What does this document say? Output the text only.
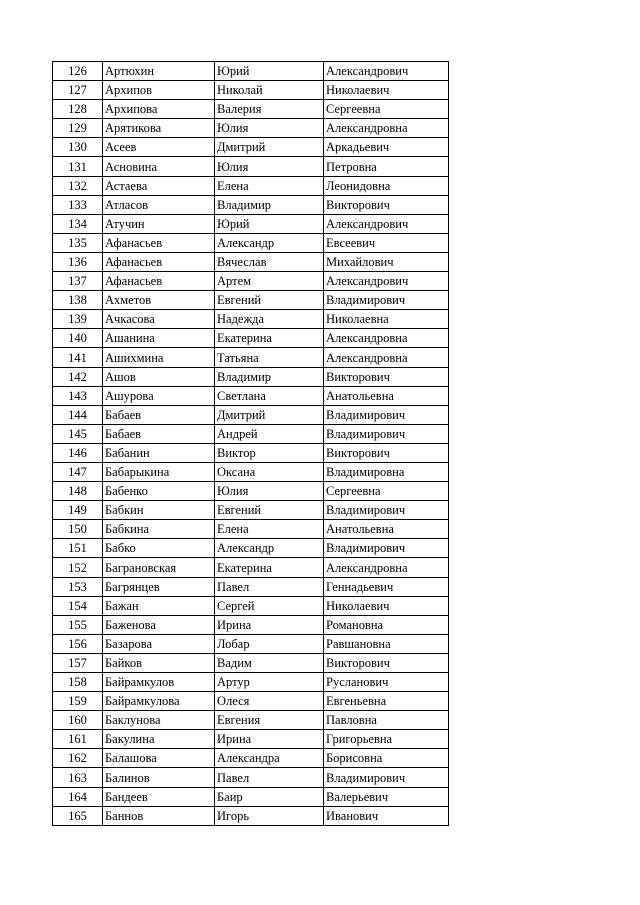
126	Артюхин	Юрий	Александрович
127	Архипов	Николай	Николаевич
128	Архипова	Валерия	Сергеевна
129	Арятикова	Юлия	Александровна
130	Асеев	Дмитрий	Аркадьевич
131	Асновина	Юлия	Петровна
132	Астаева	Елена	Леонидовна
133	Атласов	Владимир	Викторович
134	Атучин	Юрий	Александрович
135	Афанасьев	Александр	Евсеевич
136	Афанасьев	Вячеслав	Михайлович
137	Афанасьев	Артем	Александрович
138	Ахметов	Евгений	Владимирович
139	Ачкасова	Надежда	Николаевна
140	Ашанина	Екатерина	Александровна
141	Ашихмина	Татьяна	Александровна
142	Ашов	Владимир	Викторович
143	Ашурова	Светлана	Анатольевна
144	Бабаев	Дмитрий	Владимирович
145	Бабаев	Андрей	Владимирович
146	Бабанин	Виктор	Викторович
147	Бабарыкина	Оксана	Владимировна
148	Бабенко	Юлия	Сергеевна
149	Бабкин	Евгений	Владимирович
150	Бабкина	Елена	Анатольевна
151	Бабко	Александр	Владимирович
152	Баграновская	Екатерина	Александровна
153	Багрянцев	Павел	Геннадьевич
154	Бажан	Сергей	Николаевич
155	Баженова	Ирина	Романовна
156	Базарова	Лобар	Равшановна
157	Байков	Вадим	Викторович
158	Байрамкулов	Артур	Русланович
159	Байрамкулова	Олеся	Евгеньевна
160	Баклунова	Евгения	Павловна
161	Бакулина	Ирина	Григорьевна
162	Балашова	Александра	Борисовна
163	Балинов	Павел	Владимирович
164	Бандеев	Баир	Валерьевич
165	Баннов	Игорь	Иванович
